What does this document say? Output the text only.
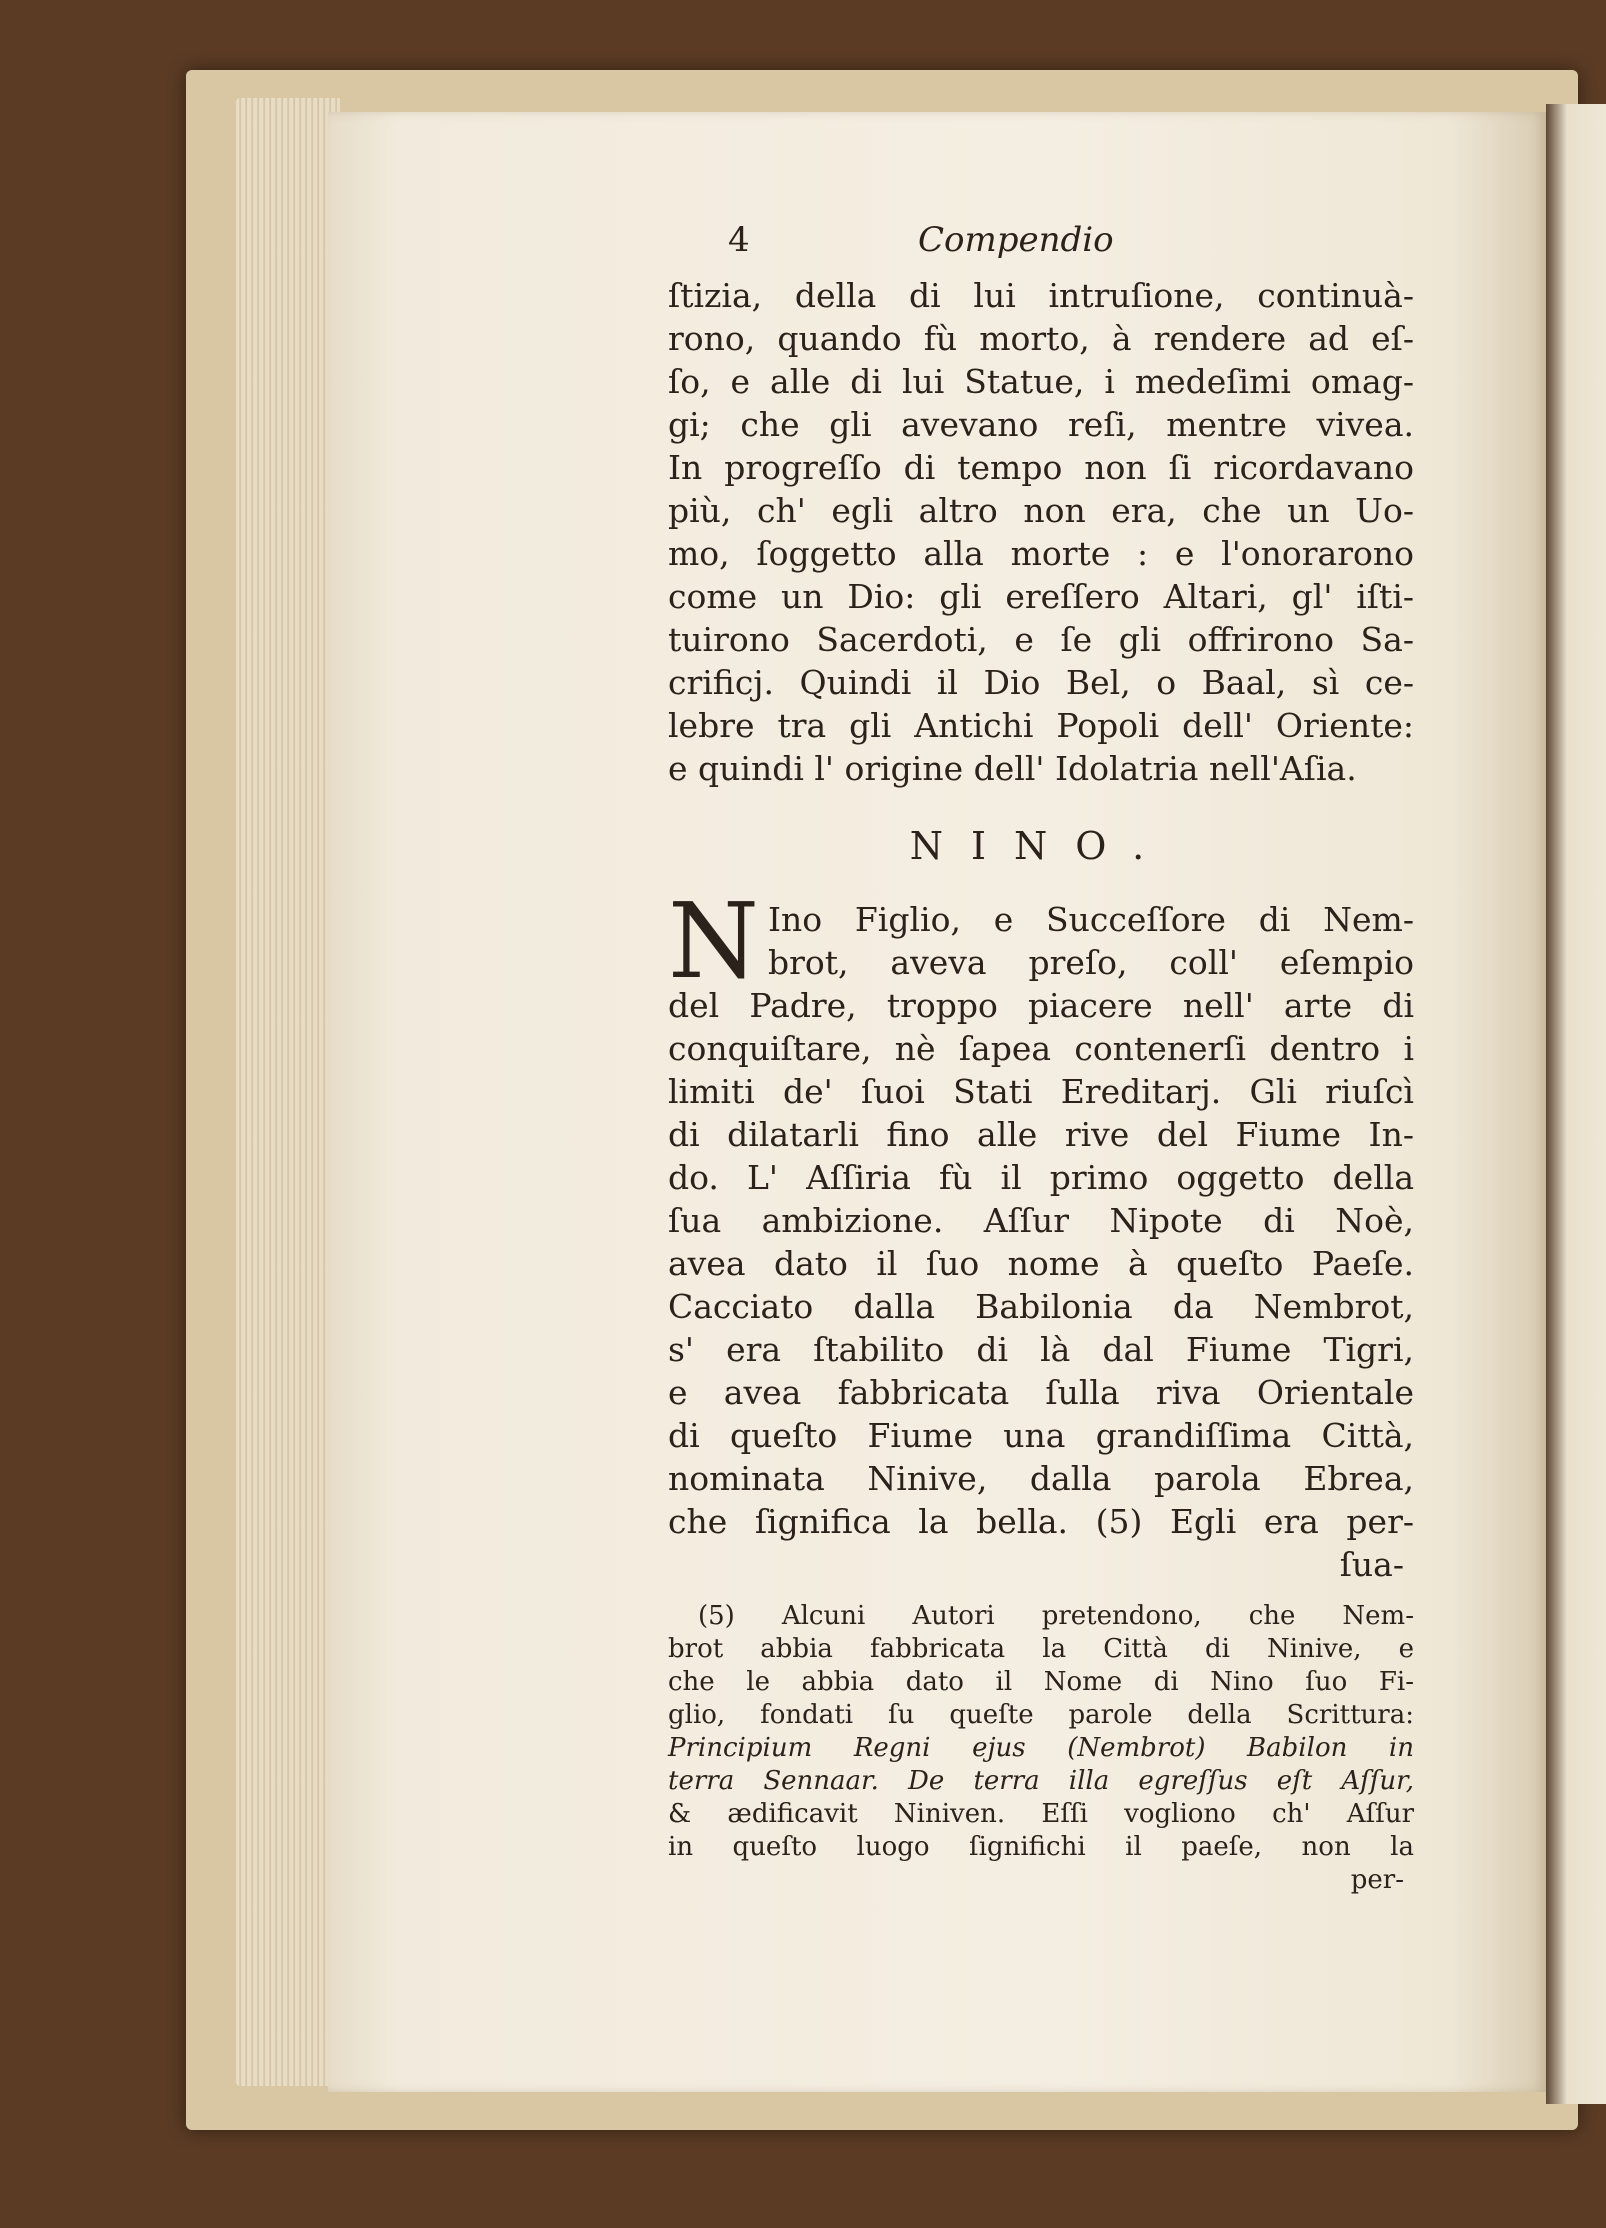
4	Compendio
ſtizia, della di lui intruſione, continuà-
rono, quando fù morto, à rendere ad eſ-
ſo, e alle di lui Statue, i medeſimi omag-
gi; che gli avevano reſi, mentre vivea.
In progreſſo di tempo non ſi ricordavano
più, ch' egli altro non era, che un Uo-
mo, ſoggetto alla morte : e l'onorarono
come un Dio: gli ereſſero Altari, gl' iſti-
tuirono Sacerdoti, e ſe gli offrirono Sa-
crificj. Quindi il Dio Bel, o Baal, sì ce-
lebre tra gli Antichi Popoli dell' Oriente:
e quindi l' origine dell' Idolatria nell'Aſia.
NINO.
N Ino Figlio, e Succeſſore di Nem-
brot, aveva preſo, coll' eſempio
del Padre, troppo piacere nell' arte di
conquiſtare, nè ſapea contenerſi dentro i
limiti de' ſuoi Stati Ereditarj. Gli riuſcì
di dilatarli fino alle rive del Fiume In-
do. L' Aſſiria fù il primo oggetto della
ſua ambizione. Aſſur Nipote di Noè,
avea dato il ſuo nome à queſto Paeſe.
Cacciato dalla Babilonia da Nembrot,
s' era ſtabilito di là dal Fiume Tigri,
e avea fabbricata ſulla riva Orientale
di queſto Fiume una grandiſſima Città,
nominata Ninive, dalla parola Ebrea,
che ſignifica la bella. (5) Egli era per-
ſua-
(5) Alcuni Autori pretendono, che Nem-
brot abbia fabbricata la Città di Ninive, e
che le abbia dato il Nome di Nino ſuo Fi-
glio, fondati ſu queſte parole della Scrittura:
Principium Regni ejus (Nembrot) Babilon in
terra Sennaar. De terra illa egreſſus eſt Aſſur,
& ædificavit Niniven. Eſſi vogliono ch' Aſſur
in queſto luogo ſignifichi il paeſe, non la
per-
